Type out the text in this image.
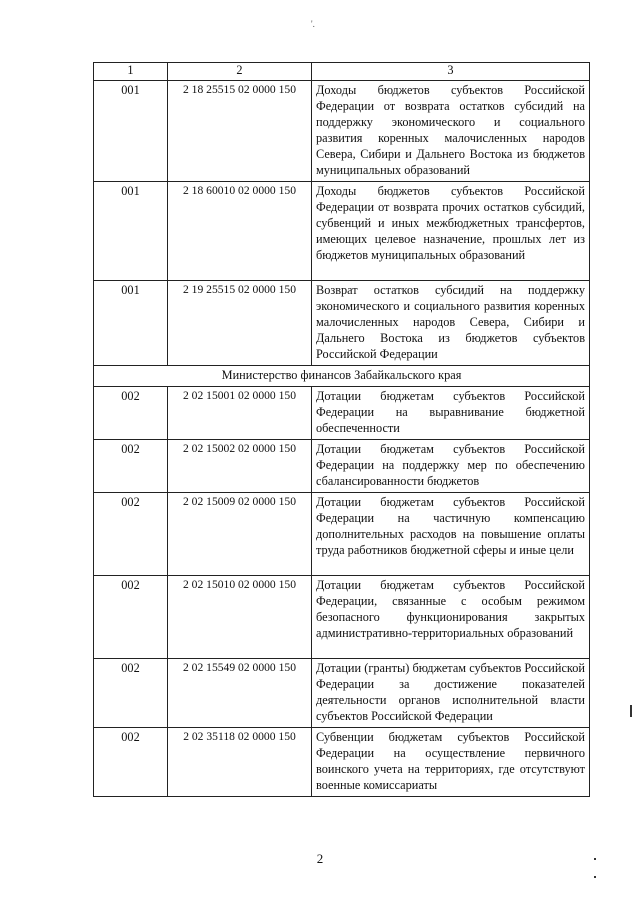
'.
1	2	3
001	2 18 25515 02 0000 150	Доходы бюджетов субъектов Российской Федерации от возврата остатков субсидий на поддержку экономического и социального развития коренных малочисленных народов Севера, Сибири и Дальнего Востока из бюджетов муниципальных образований
001	2 18 60010 02 0000 150	Доходы бюджетов субъектов Российской Федерации от возврата прочих остатков субсидий, субвенций и иных межбюджетных трансфертов, имеющих целевое назначение, прошлых лет из бюджетов муниципальных образований
001	2 19 25515 02 0000 150	Возврат остатков субсидий на поддержку экономического и социального развития коренных малочисленных народов Севера, Сибири и Дальнего Востока из бюджетов субъектов Российской Федерации
Министерство финансов Забайкальского края		
002	2 02 15001 02 0000 150	Дотации бюджетам субъектов Российской Федерации на выравнивание бюджетной обеспеченности
002	2 02 15002 02 0000 150	Дотации бюджетам субъектов Российской Федерации на поддержку мер по обеспечению сбалансированности бюджетов
002	2 02 15009 02 0000 150	Дотации бюджетам субъектов Российской Федерации на частичную компенсацию дополнительных расходов на повышение оплаты труда работников бюджетной сферы и иные цели
002	2 02 15010 02 0000 150	Дотации бюджетам субъектов Российской Федерации, связанные с особым режимом безопасного функционирования закрытых административно-территориальных образований
002	2 02 15549 02 0000 150	Дотации (гранты) бюджетам субъектов Российской Федерации за достижение показателей деятельности органов исполнительной власти субъектов Российской Федерации
002	2 02 35118 02 0000 150	Субвенции бюджетам субъектов Российской Федерации на осуществление первичного воинского учета на территориях, где отсутствуют военные комиссариаты
2
